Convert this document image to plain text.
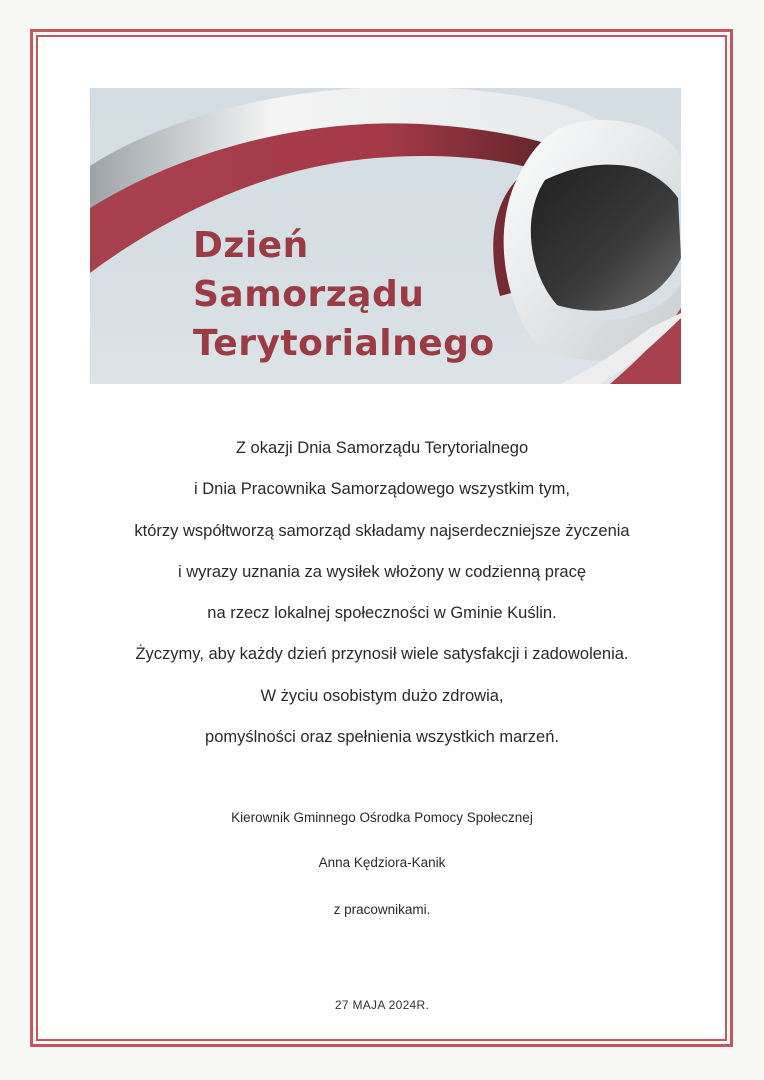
Dzień
Samorządu
Terytorialnego
Z okazji Dnia Samorządu Terytorialnego
i Dnia Pracownika Samorządowego wszystkim tym,
którzy współtworzą samorząd składamy najserdeczniejsze życzenia
i wyrazy uznania za wysiłek włożony w codzienną pracę
na rzecz lokalnej społeczności w Gminie Kuślin.
Życzymy, aby każdy dzień przynosił wiele satysfakcji i zadowolenia.
W życiu osobistym dużo zdrowia,
pomyślności oraz spełnienia wszystkich marzeń.
Kierownik Gminnego Ośrodka Pomocy Społecznej
Anna Kędziora-Kanik
z pracownikami.
27 MAJA 2024R.
